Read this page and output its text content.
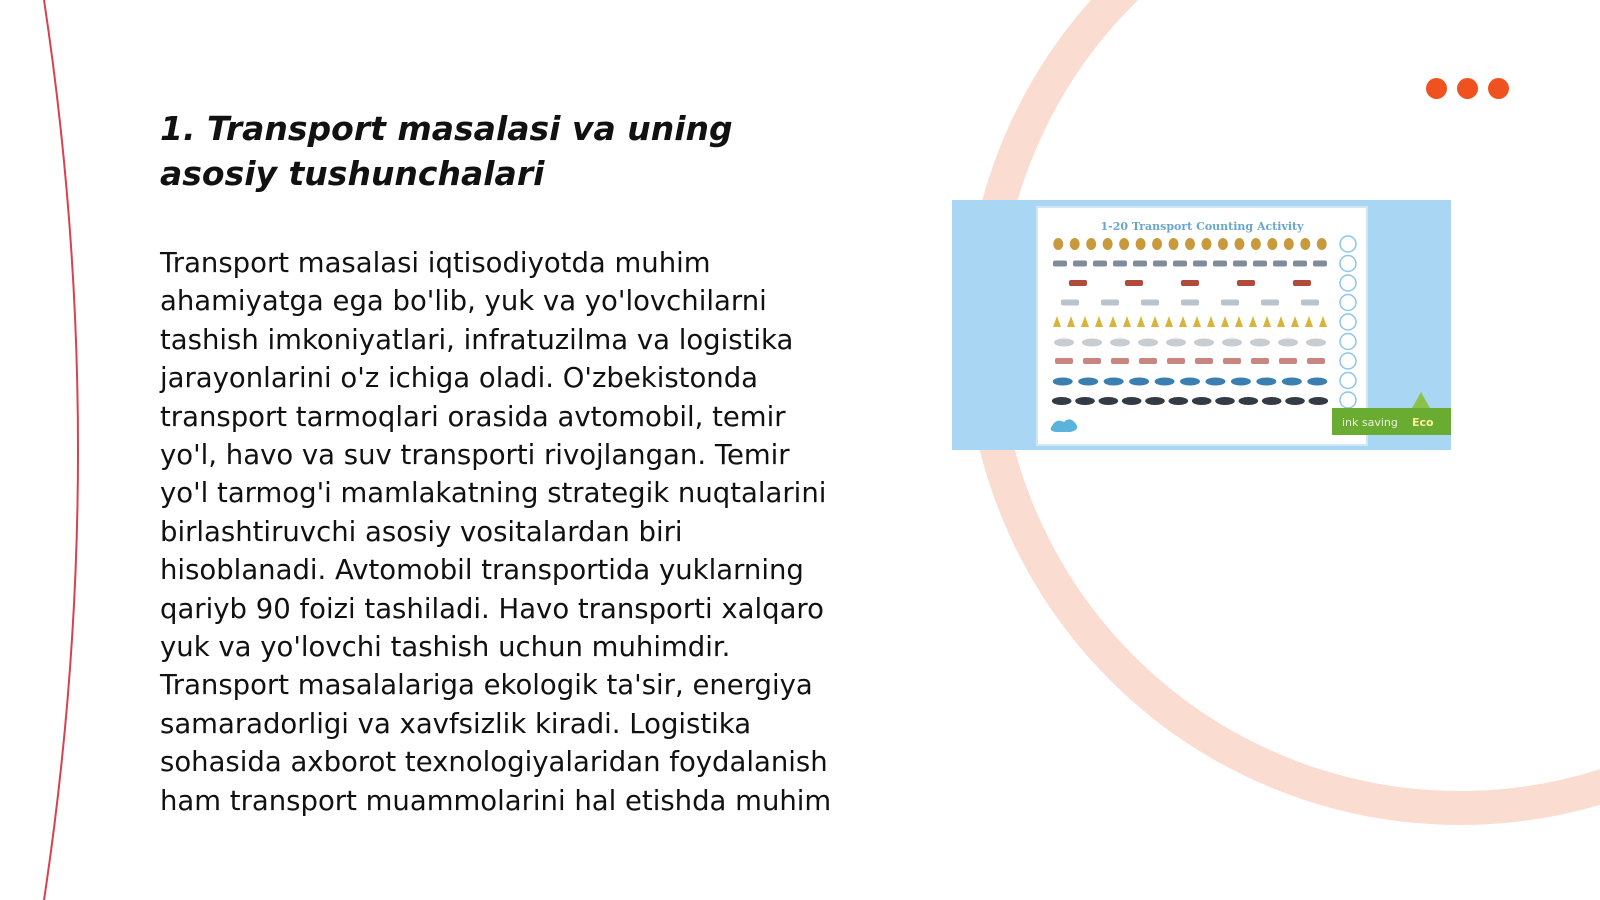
1. Transport masalasi va uning asosiy tushunchalari

Transport masalasi iqtisodiyotda muhim ahamiyatga ega bo'lib, yuk va yo'lovchilarni tashish imkoniyatlari, infratuzilma va logistika jarayonlarini o'z ichiga oladi. O'zbekistonda transport tarmoqlari orasida avtomobil, temir yo'l, havo va suv transporti rivojlangan. Temir yo'l tarmog'i mamlakatning strategik nuqtalarini birlashtiruvchi asosiy vositalardan biri hisoblanadi. Avtomobil transportida yuklarning qariyb 90 foizi tashiladi. Havo transporti xalqaro yuk va yo'lovchi tashish uchun muhimdir. Transport masalalariga ekologik ta'sir, energiya samaradorligi va xavfsizlik kiradi. Logistika sohasida axborot texnologiyalaridan foydalanish ham transport muammolarini hal etishda muhim

1-20 Transport Counting Activity
ink saving Eco
